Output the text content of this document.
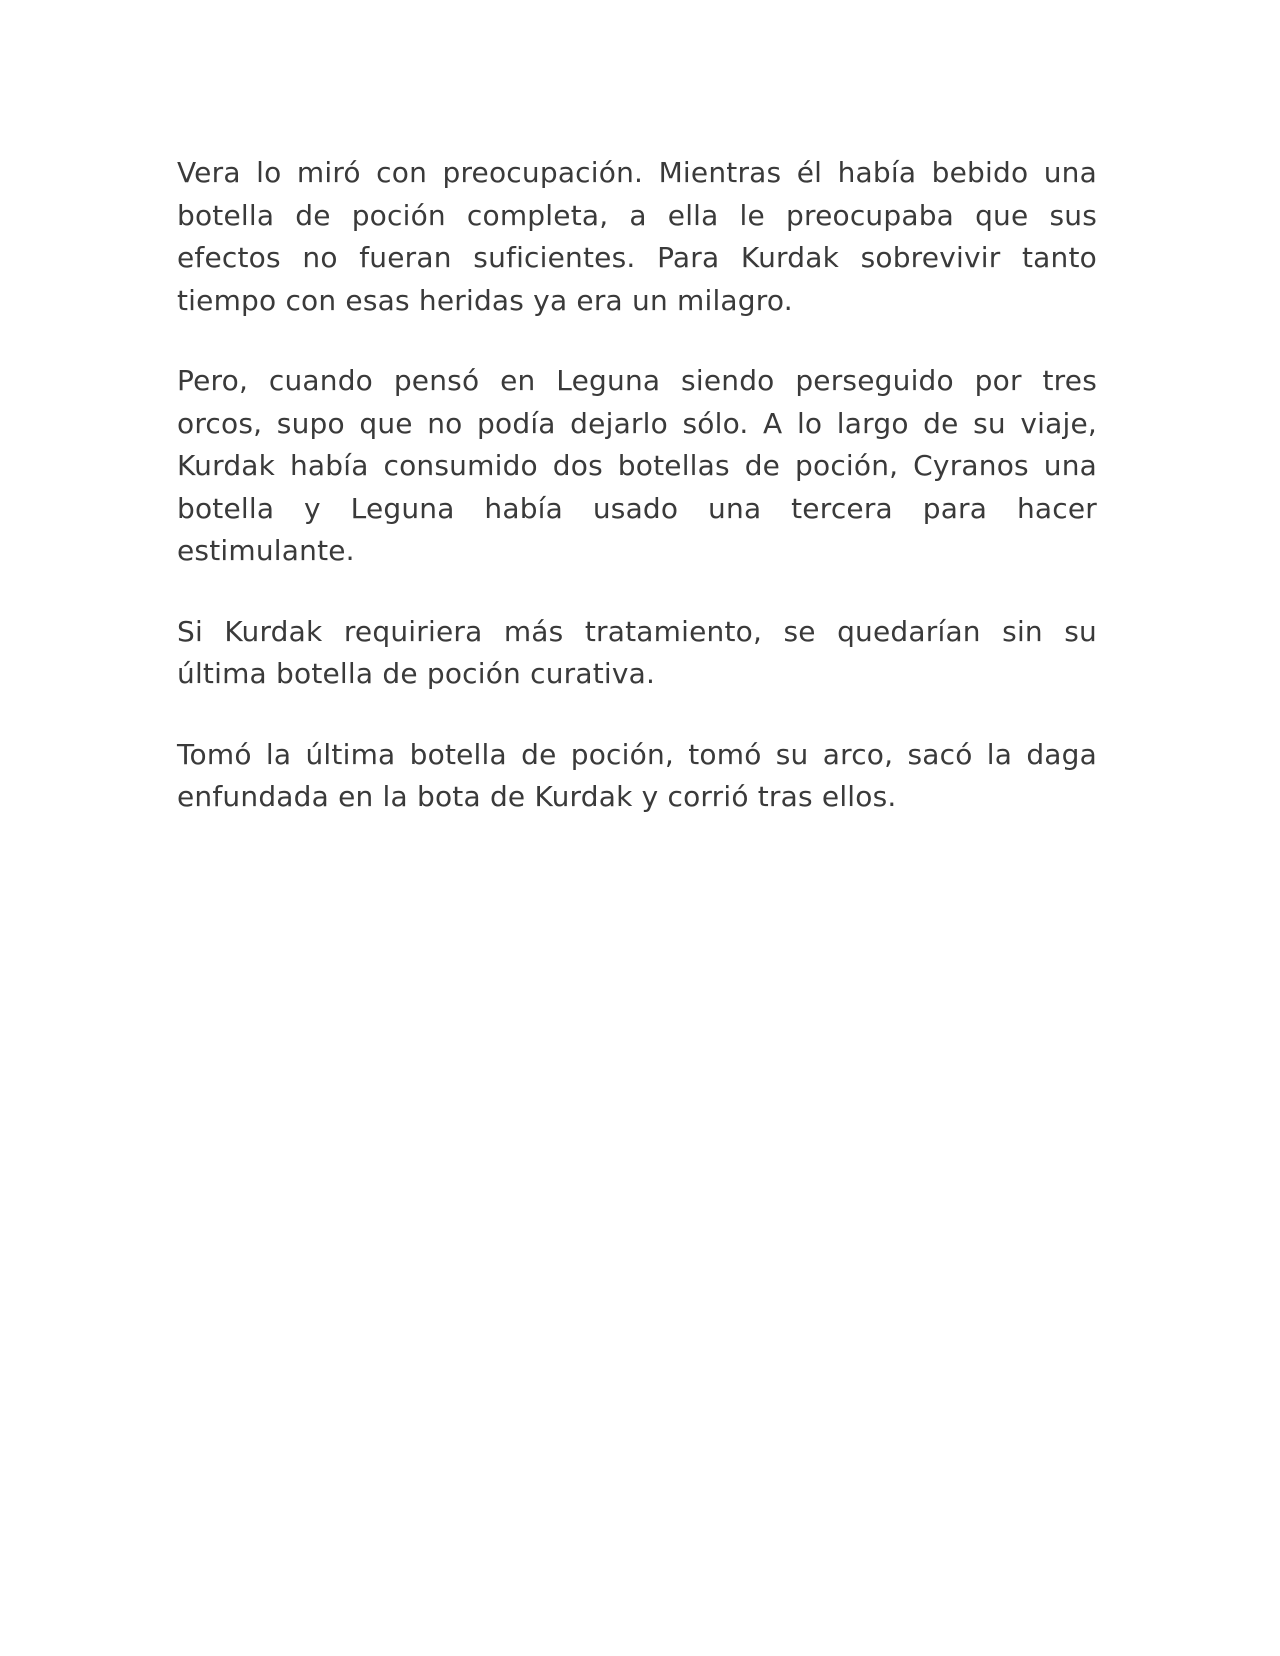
Vera lo miró con preocupación. Mientras él había bebido una botella de poción completa, a ella le preocupaba que sus efectos no fueran suficientes. Para Kurdak sobrevivir tanto tiempo con esas heridas ya era un milagro.

Pero, cuando pensó en Leguna siendo perseguido por tres orcos, supo que no podía dejarlo sólo. A lo largo de su viaje, Kurdak había consumido dos botellas de poción, Cyranos una botella y Leguna había usado una tercera para hacer estimulante.

Si Kurdak requiriera más tratamiento, se quedarían sin su última botella de poción curativa.

Tomó la última botella de poción, tomó su arco, sacó la daga enfundada en la bota de Kurdak y corrió tras ellos.
